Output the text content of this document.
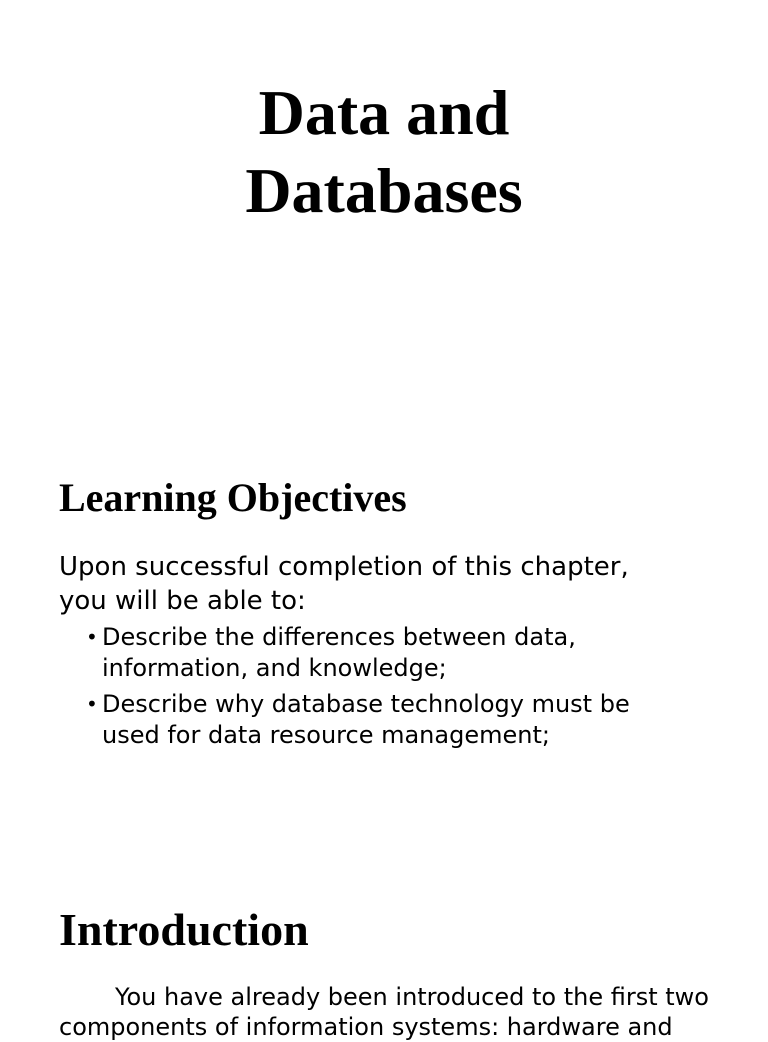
Data and
Databases
Learning Objectives

Upon successful completion of this chapter,
you will be able to:

• Describe the differences between data,
information, and knowledge;
• Describe why database technology must be
used for data resource management;
Introduction

You have already been introduced to the first two components of information systems: hardware and
